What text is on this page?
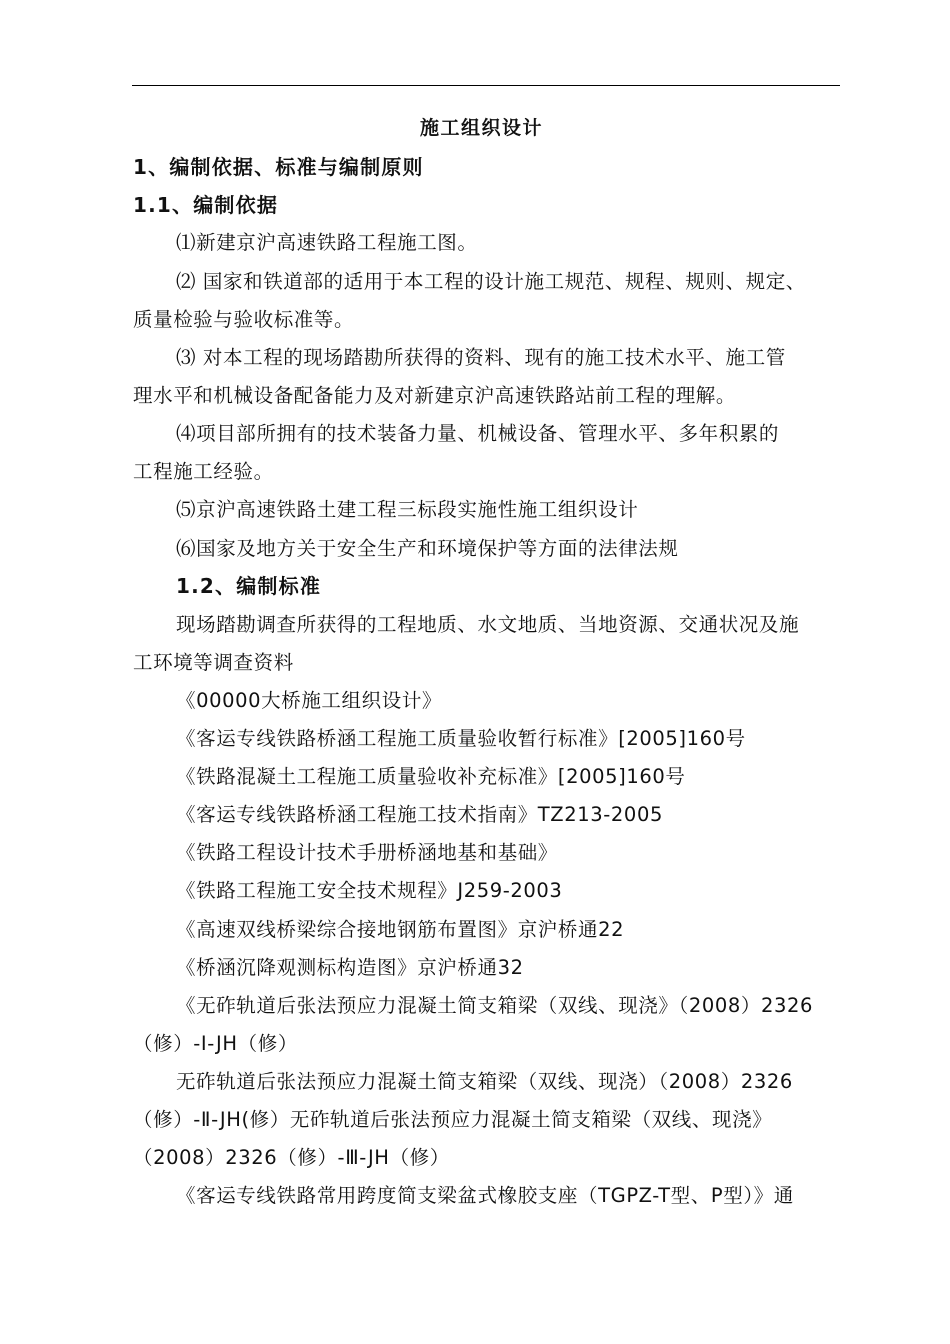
施工组织设计
1、编制依据、标准与编制原则
1.1、编制依据
⑴新建京沪高速铁路工程施工图。
⑵ 国家和铁道部的适用于本工程的设计施工规范、规程、规则、规定、
质量检验与验收标准等。
⑶ 对本工程的现场踏勘所获得的资料、现有的施工技术水平、施工管
理水平和机械设备配备能力及对新建京沪高速铁路站前工程的理解。
⑷项目部所拥有的技术装备力量、机械设备、管理水平、多年积累的
工程施工经验。
⑸京沪高速铁路土建工程三标段实施性施工组织设计
⑹国家及地方关于安全生产和环境保护等方面的法律法规
1.2、编制标准
现场踏勘调查所获得的工程地质、水文地质、当地资源、交通状况及施
工环境等调查资料
《00000大桥施工组织设计》
《客运专线铁路桥涵工程施工质量验收暂行标准》[2005]160号
《铁路混凝土工程施工质量验收补充标准》[2005]160号
《客运专线铁路桥涵工程施工技术指南》TZ213-2005
《铁路工程设计技术手册桥涵地基和基础》
《铁路工程施工安全技术规程》J259-2003
《高速双线桥梁综合接地钢筋布置图》京沪桥通22
《桥涵沉降观测标构造图》京沪桥通32
《无砟轨道后张法预应力混凝土简支箱梁（双线、现浇》（2008）2326
（修）-Ⅰ-JH（修）
无砟轨道后张法预应力混凝土简支箱梁（双线、现浇）（2008）2326
（修）-Ⅱ-JH(修）无砟轨道后张法预应力混凝土简支箱梁（双线、现浇》
（2008）2326（修）-Ⅲ-JH（修）
《客运专线铁路常用跨度简支梁盆式橡胶支座（TGPZ-T型、P型）》通
